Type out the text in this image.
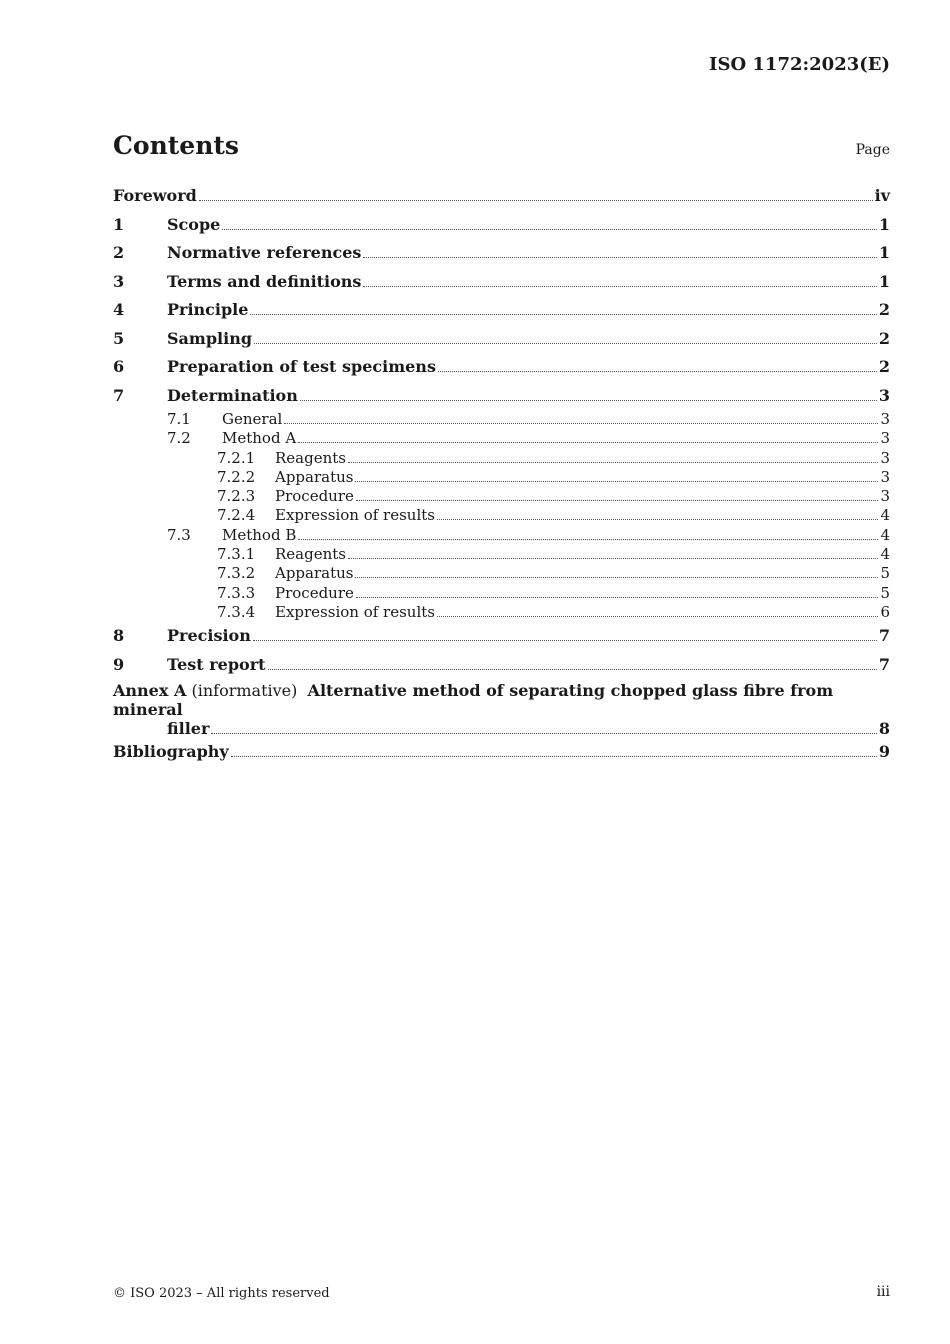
ISO 1172:2023(E)
Contents	Page
Foreword	iv
1	Scope	1
2	Normative references	1
3	Terms and definitions	1
4	Principle	2
5	Sampling	2
6	Preparation of test specimens	2
7	Determination	3
7.1	General	3
7.2	Method A	3
7.2.1	Reagents	3
7.2.2	Apparatus	3
7.2.3	Procedure	3
7.2.4	Expression of results	4
7.3	Method B	4
7.3.1	Reagents	4
7.3.2	Apparatus	5
7.3.3	Procedure	5
7.3.4	Expression of results	6
8	Precision	7
9	Test report	7
Annex A (informative) Alternative method of separating chopped glass fibre from mineral
filler	8
Bibliography	9
© ISO 2023 – All rights reserved	iii
